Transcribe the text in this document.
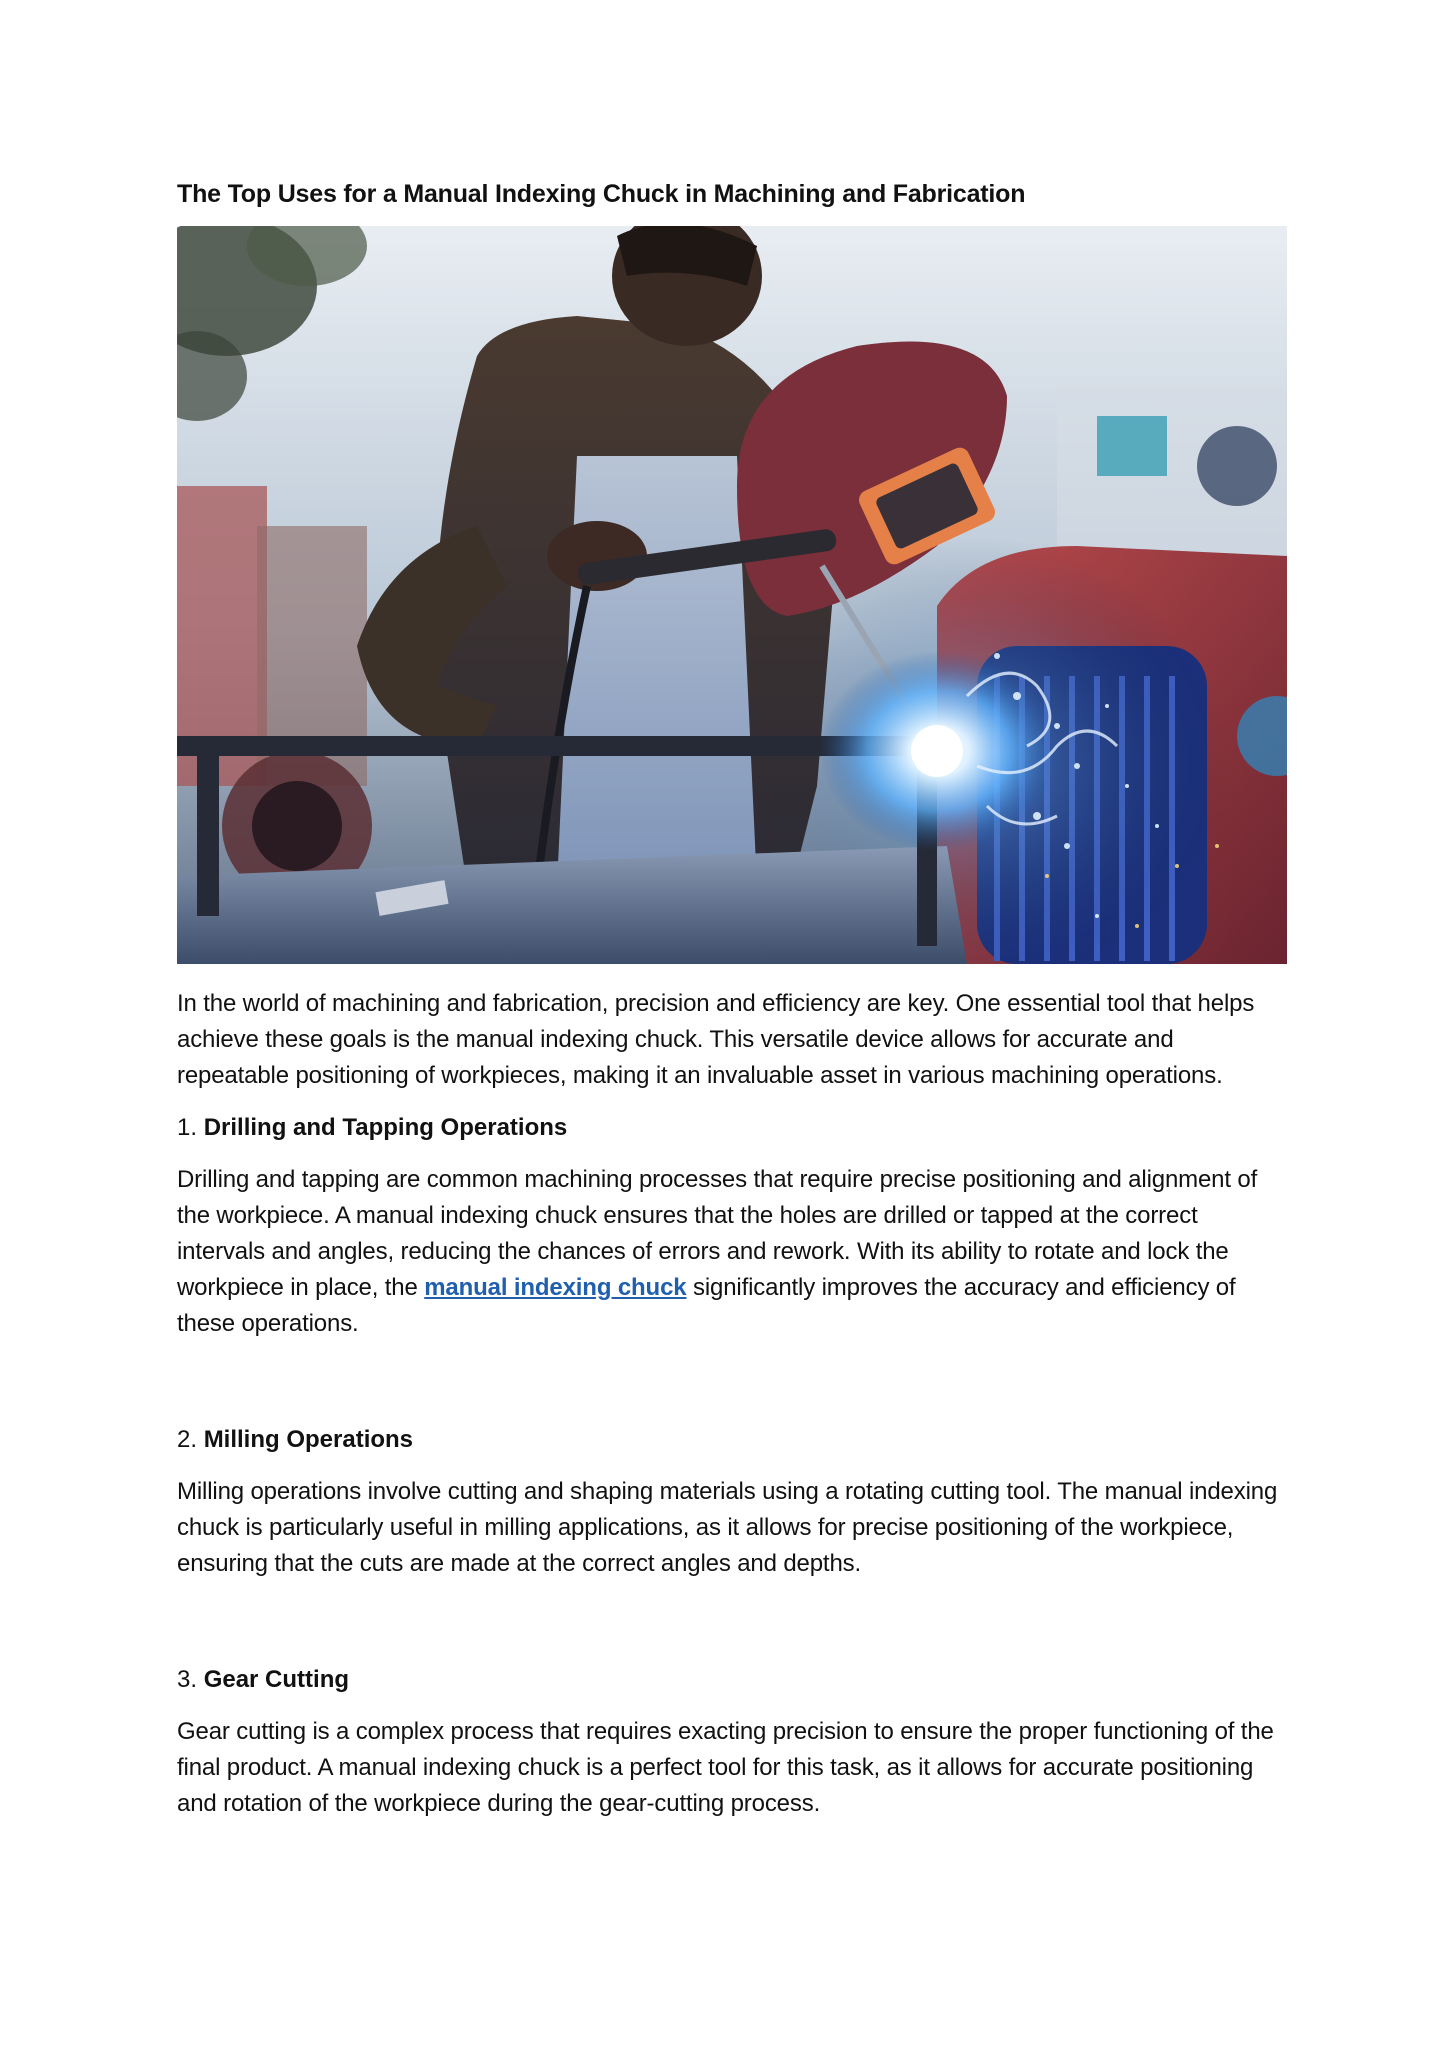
The Top Uses for a Manual Indexing Chuck in Machining and Fabrication

In the world of machining and fabrication, precision and efficiency are key. One essential tool that helps achieve these goals is the manual indexing chuck. This versatile device allows for accurate and repeatable positioning of workpieces, making it an invaluable asset in various machining operations.

1. Drilling and Tapping Operations

Drilling and tapping are common machining processes that require precise positioning and alignment of the workpiece. A manual indexing chuck ensures that the holes are drilled or tapped at the correct intervals and angles, reducing the chances of errors and rework. With its ability to rotate and lock the workpiece in place, the manual indexing chuck significantly improves the accuracy and efficiency of these operations.

2. Milling Operations

Milling operations involve cutting and shaping materials using a rotating cutting tool. The manual indexing chuck is particularly useful in milling applications, as it allows for precise positioning of the workpiece, ensuring that the cuts are made at the correct angles and depths.

3. Gear Cutting

Gear cutting is a complex process that requires exacting precision to ensure the proper functioning of the final product. A manual indexing chuck is a perfect tool for this task, as it allows for accurate positioning and rotation of the workpiece during the gear-cutting process.
